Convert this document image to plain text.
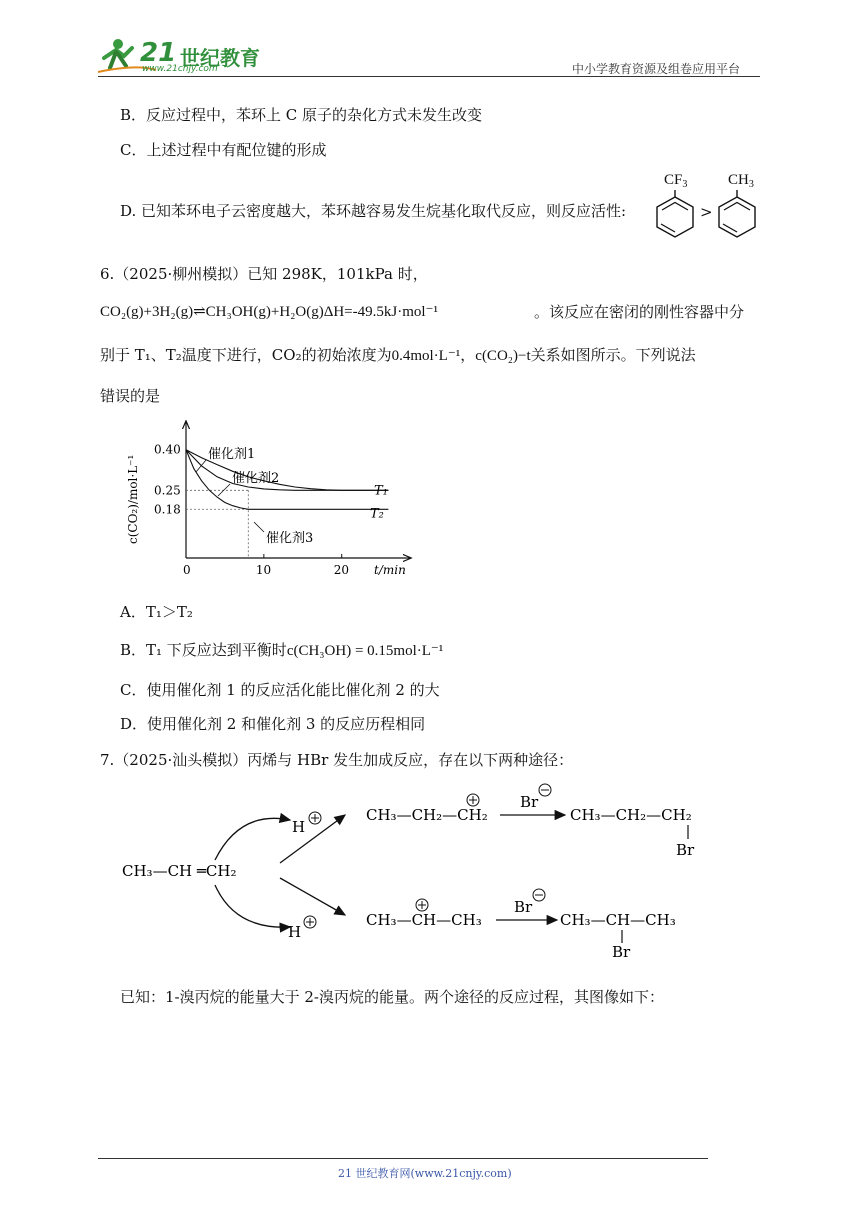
21 世纪教育
www.21cnjy.com	中小学教育资源及组卷应用平台
B．反应过程中，苯环上 C 原子的杂化方式未发生改变
C．上述过程中有配位键的形成
D. 已知苯环电子云密度越大，苯环越容易发生烷基化取代反应，则反应活性:
$CF_3$
>
$CH_3$
6.（2025·柳州模拟）已知 298K，101kPa 时，
CO₂(g)+3H₂(g)⇌CH₃OH(g)+H₂O(g)ΔH=-49.5kJ·mol⁻¹	。该反应在密闭的刚性容器中分
别于 T₁、T₂温度下进行，CO₂的初始浓度为0.4mol·L⁻¹，c(CO₂)−t关系如图所示。下列说法
错误的是
0	10	20 t/min
0.40
0.25
0.18
c(CO₂)/mol·L⁻¹
催化剂1
催化剂2
催化剂3
T₁
T₂
A．T₁＞T₂
B．T₁ 下反应达到平衡时c(CH₃OH) = 0.15mol·L⁻¹
C．使用催化剂 1 的反应活化能比催化剂 2 的大
D．使用催化剂 2 和催化剂 3 的反应历程相同
7.（2025·汕头模拟）丙烯与 HBr 发生加成反应，存在以下两种途径：
CH₃—CH ═CH₂
H
H
CH₃—CH₂—CH₂
Br
CH₃—CH₂—CH₂
Br
CH₃—CH—CH₃
Br
CH₃—CH—CH₃
Br
已知：1-溴丙烷的能量大于 2-溴丙烷的能量。两个途径的反应过程，其图像如下：
21 世纪教育网(www.21cnjy.com)
